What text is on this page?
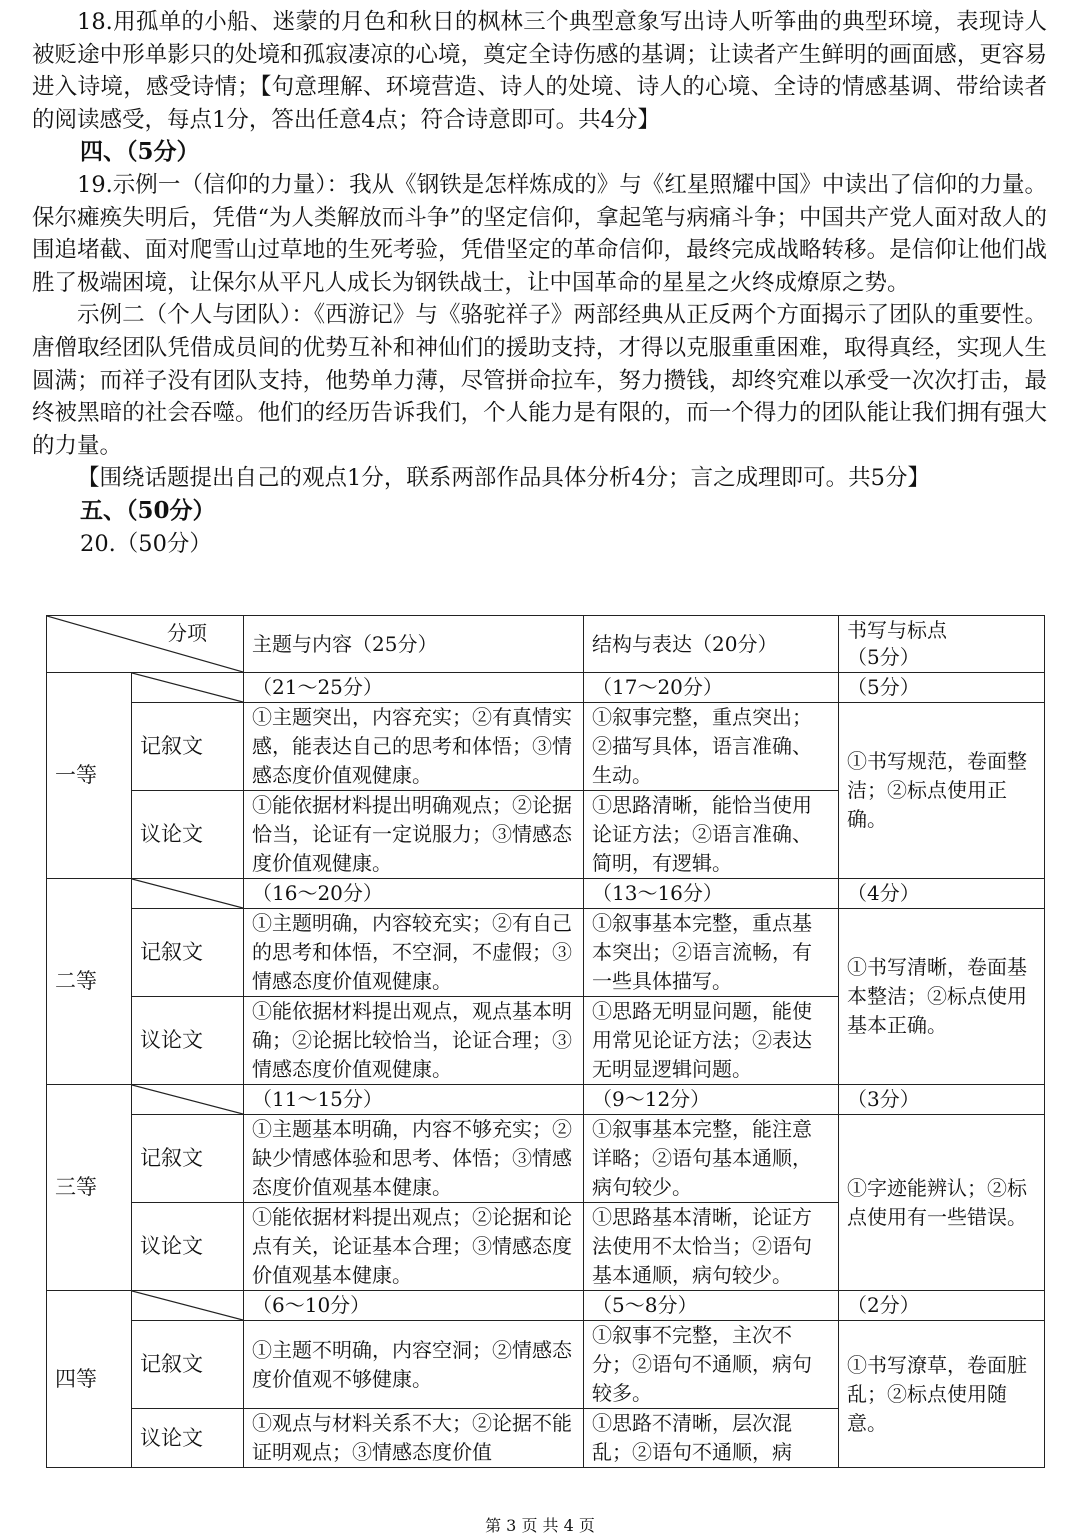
18.用孤单的小船、迷蒙的月色和秋日的枫林三个典型意象写出诗人听筝曲的典型环境，表现诗人被贬途中形单影只的处境和孤寂凄凉的心境，奠定全诗伤感的基调；让读者产生鲜明的画面感，更容易进入诗境，感受诗情；【句意理解、环境营造、诗人的处境、诗人的心境、全诗的情感基调、带给读者的阅读感受，每点1分，答出任意4点；符合诗意即可。共4分】

四、（5分）

19.示例一（信仰的力量）：我从《钢铁是怎样炼成的》与《红星照耀中国》中读出了信仰的力量。保尔瘫痪失明后，凭借“为人类解放而斗争”的坚定信仰，拿起笔与病痛斗争；中国共产党人面对敌人的围追堵截、面对爬雪山过草地的生死考验，凭借坚定的革命信仰，最终完成战略转移。是信仰让他们战胜了极端困境，让保尔从平凡人成长为钢铁战士，让中国革命的星星之火终成燎原之势。

示例二（个人与团队）：《西游记》与《骆驼祥子》两部经典从正反两个方面揭示了团队的重要性。唐僧取经团队凭借成员间的优势互补和神仙们的援助支持，才得以克服重重困难，取得真经，实现人生圆满；而祥子没有团队支持，他势单力薄，尽管拼命拉车，努力攒钱，却终究难以承受一次次打击，最终被黑暗的社会吞噬。他们的经历告诉我们，个人能力是有限的，而一个得力的团队能让我们拥有强大的力量。

【围绕话题提出自己的观点1分，联系两部作品具体分析4分；言之成理即可。共5分】

五、（50分）

20.（50分）

分项		主题与内容（25分）	结构与表达（20分）	书写与标点
（5分）
一等		（21～25分）	（17～20分）	（5分）
	记叙文	①主题突出，内容充实；②有真情实感，能表达自己的思考和体悟；③情感态度价值观健康。	①叙事完整，重点突出；②描写具体，语言准确、生动。	①书写规范，卷面整洁；②标点使用正确。
	议论文	①能依据材料提出明确观点；②论据恰当，论证有一定说服力；③情感态度价值观健康。	①思路清晰，能恰当使用论证方法；②语言准确、简明，有逻辑。	
二等		（16～20分）	（13～16分）	（4分）
	记叙文	①主题明确，内容较充实；②有自己的思考和体悟，不空洞，不虚假；③情感态度价值观健康。	①叙事基本完整，重点基本突出；②语言流畅，有一些具体描写。	①书写清晰，卷面基本整洁；②标点使用基本正确。
	议论文	①能依据材料提出观点，观点基本明确；②论据比较恰当，论证合理；③情感态度价值观健康。	①思路无明显问题，能使用常见论证方法；②表达无明显逻辑问题。	
三等		（11～15分）	（9～12分）	（3分）
	记叙文	①主题基本明确，内容不够充实；②缺少情感体验和思考、体悟；③情感态度价值观基本健康。	①叙事基本完整，能注意详略；②语句基本通顺，病句较少。	①字迹能辨认；②标点使用有一些错误。
	议论文	①能依据材料提出观点；②论据和论点有关，论证基本合理；③情感态度价值观基本健康。	①思路基本清晰，论证方法使用不太恰当；②语句基本通顺，病句较少。	
四等		（6～10分）	（5～8分）	（2分）
	记叙文	①主题不明确，内容空洞；②情感态度价值观不够健康。	①叙事不完整，主次不分；②语句不通顺，病句较多。	①书写潦草，卷面脏乱；②标点使用随意。
	议论文	①观点与材料关系不大；②论据不能证明观点；③情感态度价值	①思路不清晰，层次混乱；②语句不通顺，病	
第 3 页 共 4 页
